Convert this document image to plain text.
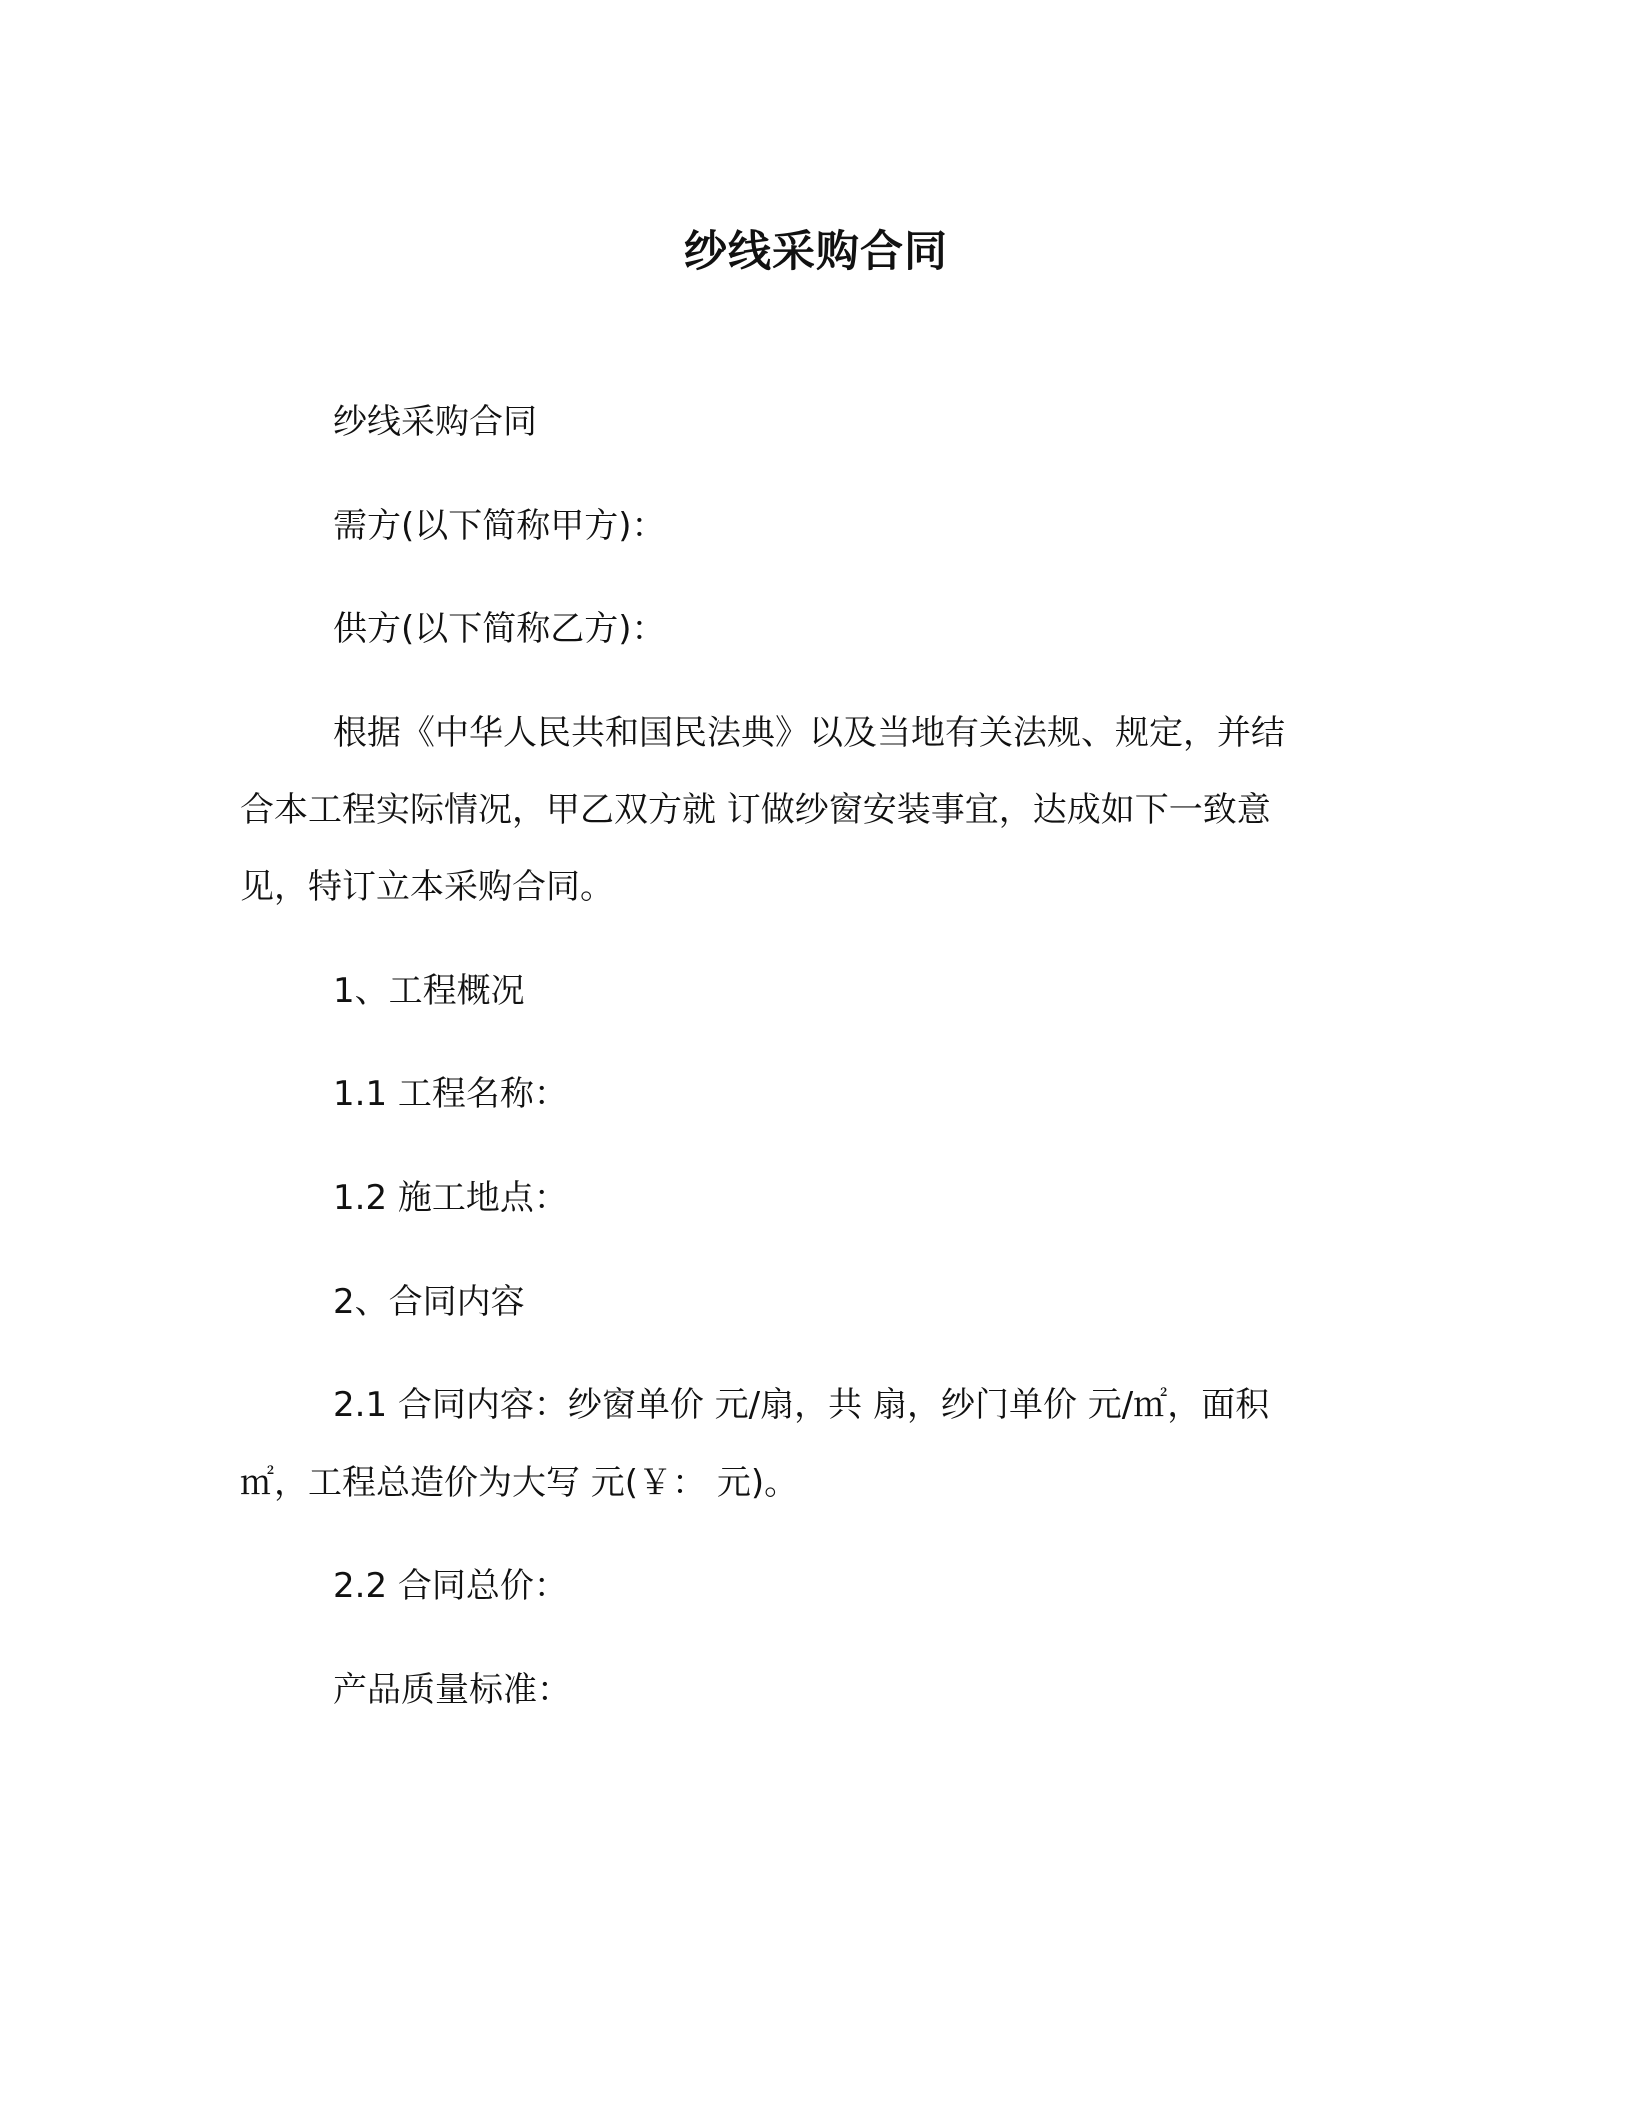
纱线采购合同
纱线采购合同
需方(以下简称甲方)：
供方(以下简称乙方)：
根据《中华人民共和国民法典》以及当地有关法规、规定，并结
合本工程实际情况，甲乙双方就 订做纱窗安装事宜，达成如下一致意
见，特订立本采购合同。
1、工程概况
1.1 工程名称：
1.2 施工地点：
2、合同内容
2.1 合同内容：纱窗单价 元/扇，共 扇，纱门单价 元/㎡，面积
㎡，工程总造价为大写 元(￥： 元)。
2.2 合同总价：
产品质量标准：
